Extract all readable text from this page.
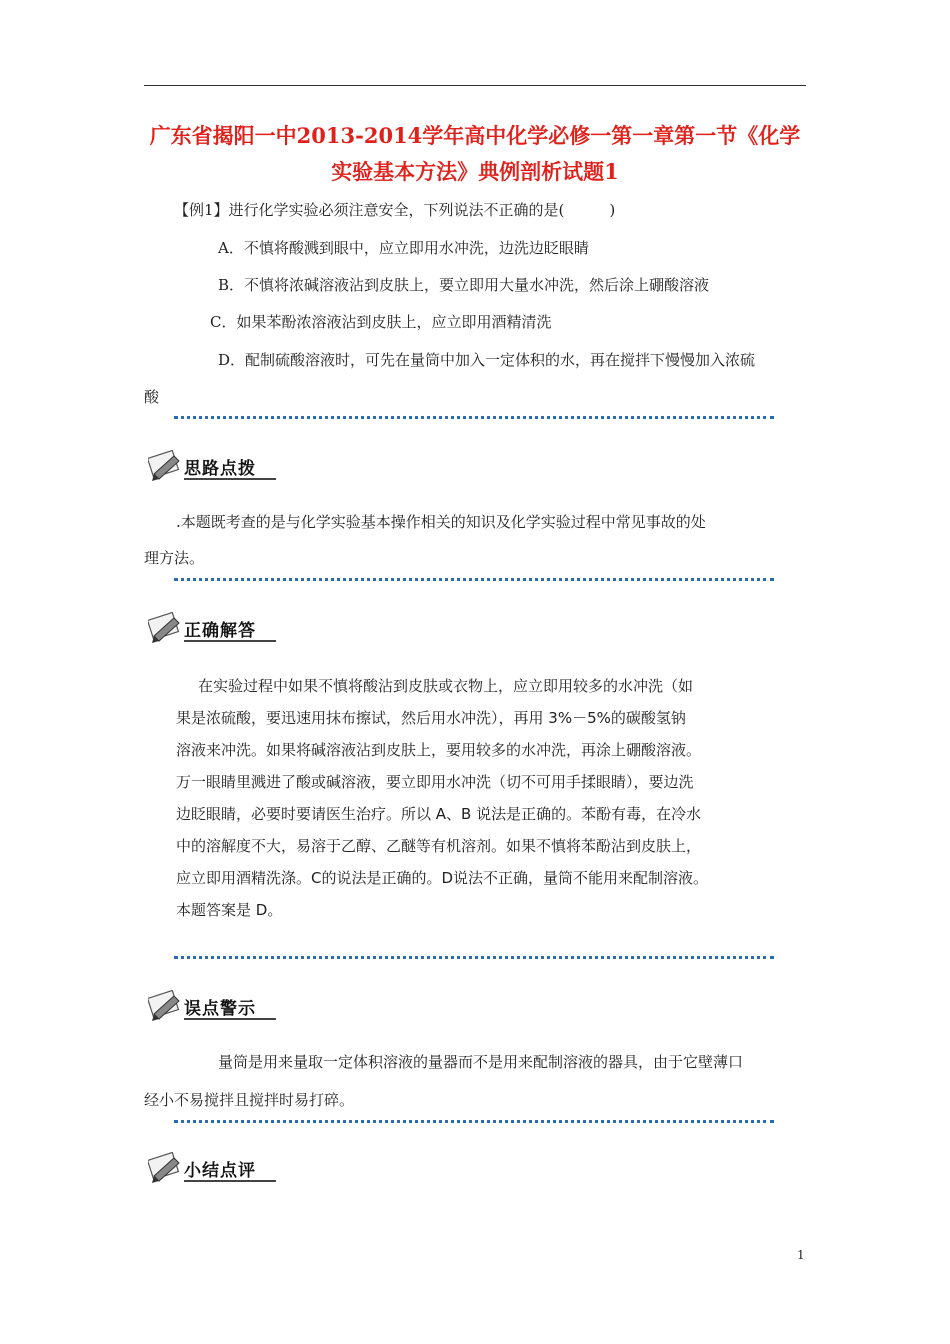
广东省揭阳一中2013-2014学年高中化学必修一第一章第一节《化学
实验基本方法》典例剖析试题1
【例1】进行化学实验必须注意安全，下列说法不正确的是(　　　)
A．不慎将酸溅到眼中，应立即用水冲洗，边洗边眨眼睛
B．不慎将浓碱溶液沾到皮肤上，要立即用大量水冲洗，然后涂上硼酸溶液
C．如果苯酚浓溶液沾到皮肤上，应立即用酒精清洗
D．配制硫酸溶液时，可先在量筒中加入一定体积的水，再在搅拌下慢慢加入浓硫
酸
思路点拨
.本题既考查的是与化学实验基本操作相关的知识及化学实验过程中常见事故的处
理方法。
正确解答
在实验过程中如果不慎将酸沾到皮肤或衣物上，应立即用较多的水冲洗（如
果是浓硫酸，要迅速用抹布擦试，然后用水冲洗），再用 3%－5%的碳酸氢钠
溶液来冲洗。如果将碱溶液沾到皮肤上，要用较多的水冲洗，再涂上硼酸溶液。
万一眼睛里溅进了酸或碱溶液，要立即用水冲洗（切不可用手揉眼睛），要边洗
边眨眼睛，必要时要请医生治疗。所以 A、B 说法是正确的。苯酚有毒，在冷水
中的溶解度不大，易溶于乙醇、乙醚等有机溶剂。如果不慎将苯酚沾到皮肤上，
应立即用酒精洗涤。C的说法是正确的。D说法不正确，量筒不能用来配制溶液。
本题答案是 D。
误点警示
量筒是用来量取一定体积溶液的量器而不是用来配制溶液的器具，由于它壁薄口
经小不易搅拌且搅拌时易打碎。
小结点评
1
